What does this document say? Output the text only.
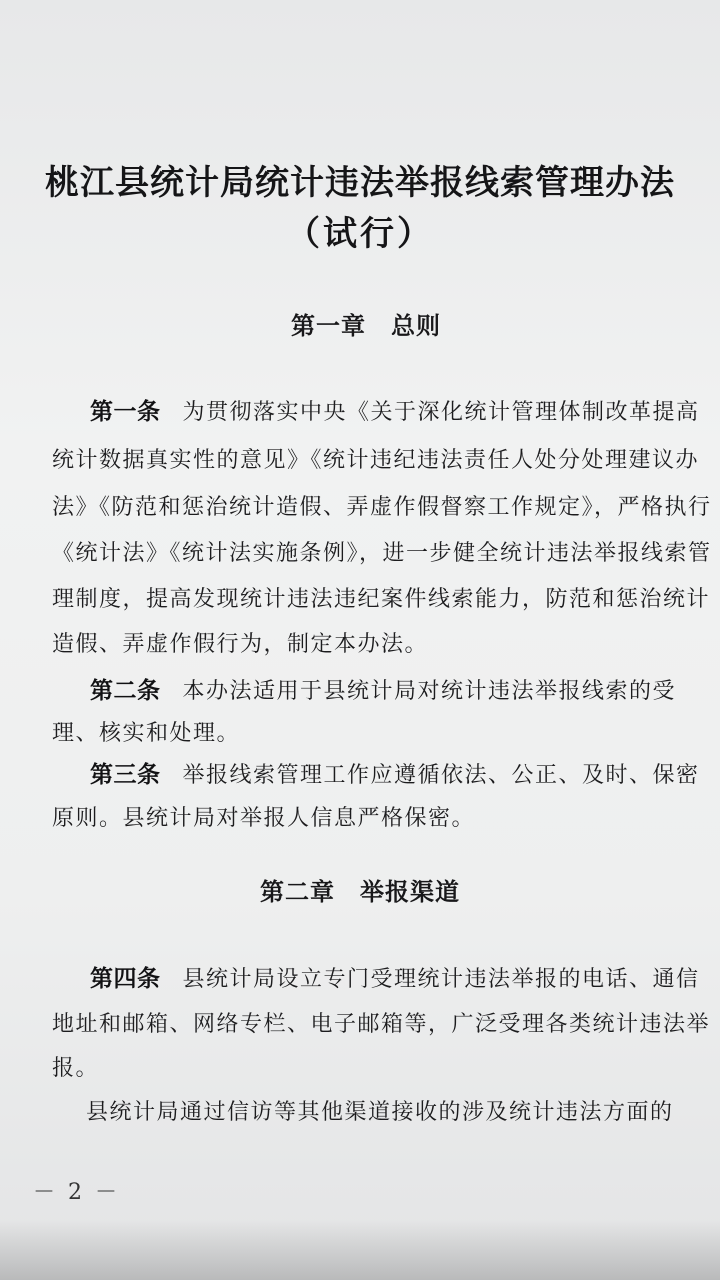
桃江县统计局统计违法举报线索管理办法
（试行）
第一章　总则
第一条 为贯彻落实中央《关于深化统计管理体制改革提高
统计数据真实性的意见》《统计违纪违法责任人处分处理建议办
法》《防范和惩治统计造假、弄虚作假督察工作规定》，严格执行
《统计法》《统计法实施条例》，进一步健全统计违法举报线索管
理制度，提高发现统计违法违纪案件线索能力，防范和惩治统计
造假、弄虚作假行为，制定本办法。
第二条 本办法适用于县统计局对统计违法举报线索的受
理、核实和处理。
第三条 举报线索管理工作应遵循依法、公正、及时、保密
原则。县统计局对举报人信息严格保密。
第二章　举报渠道
第四条 县统计局设立专门受理统计违法举报的电话、通信
地址和邮箱、网络专栏、电子邮箱等，广泛受理各类统计违法举
报。
县统计局通过信访等其他渠道接收的涉及统计违法方面的
－ 2 －
